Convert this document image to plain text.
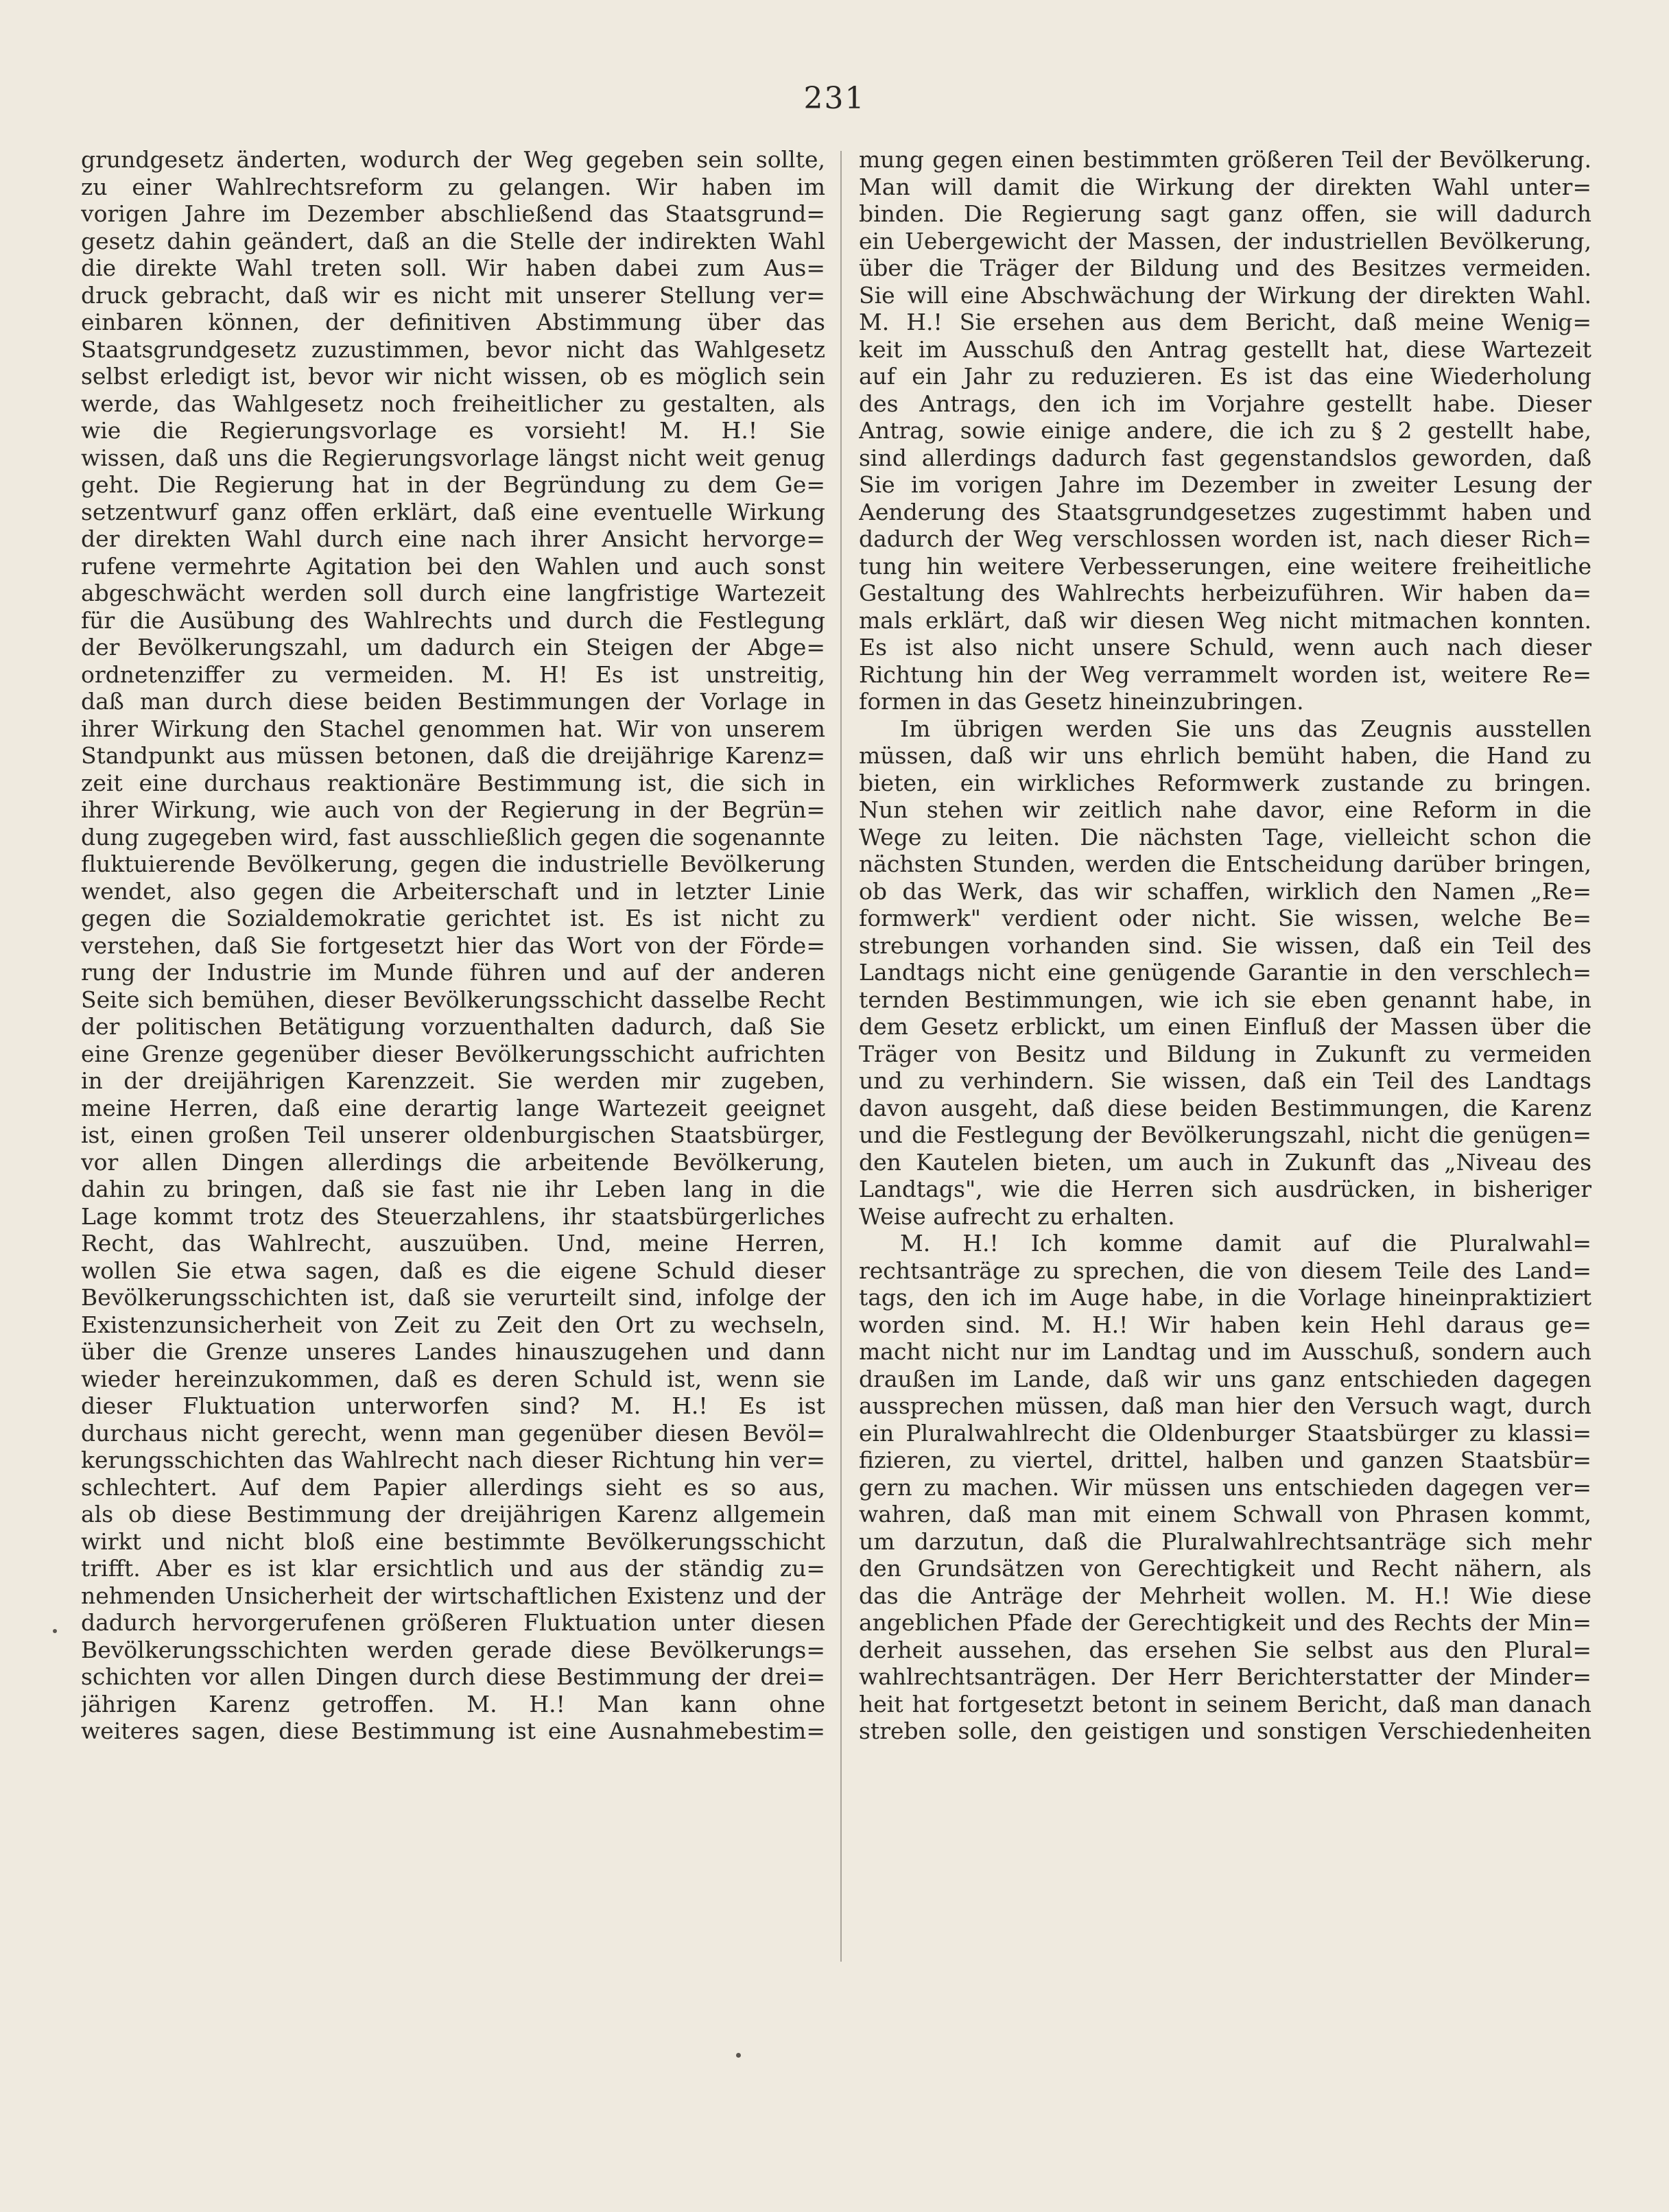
231
grundgesetz änderten, wodurch der Weg gegeben sein sollte,
zu einer Wahlrechtsreform zu gelangen. Wir haben im
vorigen Jahre im Dezember abschließend das Staatsgrund=
gesetz dahin geändert, daß an die Stelle der indirekten Wahl
die direkte Wahl treten soll. Wir haben dabei zum Aus=
druck gebracht, daß wir es nicht mit unserer Stellung ver=
einbaren können, der definitiven Abstimmung über das
Staatsgrundgesetz zuzustimmen, bevor nicht das Wahlgesetz
selbst erledigt ist, bevor wir nicht wissen, ob es möglich sein
werde, das Wahlgesetz noch freiheitlicher zu gestalten, als
wie die Regierungsvorlage es vorsieht! M. H.! Sie
wissen, daß uns die Regierungsvorlage längst nicht weit genug
geht. Die Regierung hat in der Begründung zu dem Ge=
setzentwurf ganz offen erklärt, daß eine eventuelle Wirkung
der direkten Wahl durch eine nach ihrer Ansicht hervorge=
rufene vermehrte Agitation bei den Wahlen und auch sonst
abgeschwächt werden soll durch eine langfristige Wartezeit
für die Ausübung des Wahlrechts und durch die Festlegung
der Bevölkerungszahl, um dadurch ein Steigen der Abge=
ordnetenziffer zu vermeiden. M. H! Es ist unstreitig,
daß man durch diese beiden Bestimmungen der Vorlage in
ihrer Wirkung den Stachel genommen hat. Wir von unserem
Standpunkt aus müssen betonen, daß die dreijährige Karenz=
zeit eine durchaus reaktionäre Bestimmung ist, die sich in
ihrer Wirkung, wie auch von der Regierung in der Begrün=
dung zugegeben wird, fast ausschließlich gegen die sogenannte
fluktuierende Bevölkerung, gegen die industrielle Bevölkerung
wendet, also gegen die Arbeiterschaft und in letzter Linie
gegen die Sozialdemokratie gerichtet ist. Es ist nicht zu
verstehen, daß Sie fortgesetzt hier das Wort von der Förde=
rung der Industrie im Munde führen und auf der anderen
Seite sich bemühen, dieser Bevölkerungsschicht dasselbe Recht
der politischen Betätigung vorzuenthalten dadurch, daß Sie
eine Grenze gegenüber dieser Bevölkerungsschicht aufrichten
in der dreijährigen Karenzzeit. Sie werden mir zugeben,
meine Herren, daß eine derartig lange Wartezeit geeignet
ist, einen großen Teil unserer oldenburgischen Staatsbürger,
vor allen Dingen allerdings die arbeitende Bevölkerung,
dahin zu bringen, daß sie fast nie ihr Leben lang in die
Lage kommt trotz des Steuerzahlens, ihr staatsbürgerliches
Recht, das Wahlrecht, auszuüben. Und, meine Herren,
wollen Sie etwa sagen, daß es die eigene Schuld dieser
Bevölkerungsschichten ist, daß sie verurteilt sind, infolge der
Existenzunsicherheit von Zeit zu Zeit den Ort zu wechseln,
über die Grenze unseres Landes hinauszugehen und dann
wieder hereinzukommen, daß es deren Schuld ist, wenn sie
dieser Fluktuation unterworfen sind? M. H.! Es ist
durchaus nicht gerecht, wenn man gegenüber diesen Bevöl=
kerungsschichten das Wahlrecht nach dieser Richtung hin ver=
schlechtert. Auf dem Papier allerdings sieht es so aus,
als ob diese Bestimmung der dreijährigen Karenz allgemein
wirkt und nicht bloß eine bestimmte Bevölkerungsschicht
trifft. Aber es ist klar ersichtlich und aus der ständig zu=
nehmenden Unsicherheit der wirtschaftlichen Existenz und der
dadurch hervorgerufenen größeren Fluktuation unter diesen
Bevölkerungsschichten werden gerade diese Bevölkerungs=
schichten vor allen Dingen durch diese Bestimmung der drei=
jährigen Karenz getroffen. M. H.! Man kann ohne
weiteres sagen, diese Bestimmung ist eine Ausnahmebestim=
mung gegen einen bestimmten größeren Teil der Bevölkerung.
Man will damit die Wirkung der direkten Wahl unter=
binden. Die Regierung sagt ganz offen, sie will dadurch
ein Uebergewicht der Massen, der industriellen Bevölkerung,
über die Träger der Bildung und des Besitzes vermeiden.
Sie will eine Abschwächung der Wirkung der direkten Wahl.
M. H.! Sie ersehen aus dem Bericht, daß meine Wenig=
keit im Ausschuß den Antrag gestellt hat, diese Wartezeit
auf ein Jahr zu reduzieren. Es ist das eine Wiederholung
des Antrags, den ich im Vorjahre gestellt habe. Dieser
Antrag, sowie einige andere, die ich zu § 2 gestellt habe,
sind allerdings dadurch fast gegenstandslos geworden, daß
Sie im vorigen Jahre im Dezember in zweiter Lesung der
Aenderung des Staatsgrundgesetzes zugestimmt haben und
dadurch der Weg verschlossen worden ist, nach dieser Rich=
tung hin weitere Verbesserungen, eine weitere freiheitliche
Gestaltung des Wahlrechts herbeizuführen. Wir haben da=
mals erklärt, daß wir diesen Weg nicht mitmachen konnten.
Es ist also nicht unsere Schuld, wenn auch nach dieser
Richtung hin der Weg verrammelt worden ist, weitere Re=
formen in das Gesetz hineinzubringen.
Im übrigen werden Sie uns das Zeugnis ausstellen
müssen, daß wir uns ehrlich bemüht haben, die Hand zu
bieten, ein wirkliches Reformwerk zustande zu bringen.
Nun stehen wir zeitlich nahe davor, eine Reform in die
Wege zu leiten. Die nächsten Tage, vielleicht schon die
nächsten Stunden, werden die Entscheidung darüber bringen,
ob das Werk, das wir schaffen, wirklich den Namen „Re=
formwerk" verdient oder nicht. Sie wissen, welche Be=
strebungen vorhanden sind. Sie wissen, daß ein Teil des
Landtags nicht eine genügende Garantie in den verschlech=
ternden Bestimmungen, wie ich sie eben genannt habe, in
dem Gesetz erblickt, um einen Einfluß der Massen über die
Träger von Besitz und Bildung in Zukunft zu vermeiden
und zu verhindern. Sie wissen, daß ein Teil des Landtags
davon ausgeht, daß diese beiden Bestimmungen, die Karenz
und die Festlegung der Bevölkerungszahl, nicht die genügen=
den Kautelen bieten, um auch in Zukunft das „Niveau des
Landtags", wie die Herren sich ausdrücken, in bisheriger
Weise aufrecht zu erhalten.
M. H.! Ich komme damit auf die Pluralwahl=
rechtsanträge zu sprechen, die von diesem Teile des Land=
tags, den ich im Auge habe, in die Vorlage hineinpraktiziert
worden sind. M. H.! Wir haben kein Hehl daraus ge=
macht nicht nur im Landtag und im Ausschuß, sondern auch
draußen im Lande, daß wir uns ganz entschieden dagegen
aussprechen müssen, daß man hier den Versuch wagt, durch
ein Pluralwahlrecht die Oldenburger Staatsbürger zu klassi=
fizieren, zu viertel, drittel, halben und ganzen Staatsbür=
gern zu machen. Wir müssen uns entschieden dagegen ver=
wahren, daß man mit einem Schwall von Phrasen kommt,
um darzutun, daß die Pluralwahlrechtsanträge sich mehr
den Grundsätzen von Gerechtigkeit und Recht nähern, als
das die Anträge der Mehrheit wollen. M. H.! Wie diese
angeblichen Pfade der Gerechtigkeit und des Rechts der Min=
derheit aussehen, das ersehen Sie selbst aus den Plural=
wahlrechtsanträgen. Der Herr Berichterstatter der Minder=
heit hat fortgesetzt betont in seinem Bericht, daß man danach
streben solle, den geistigen und sonstigen Verschiedenheiten
